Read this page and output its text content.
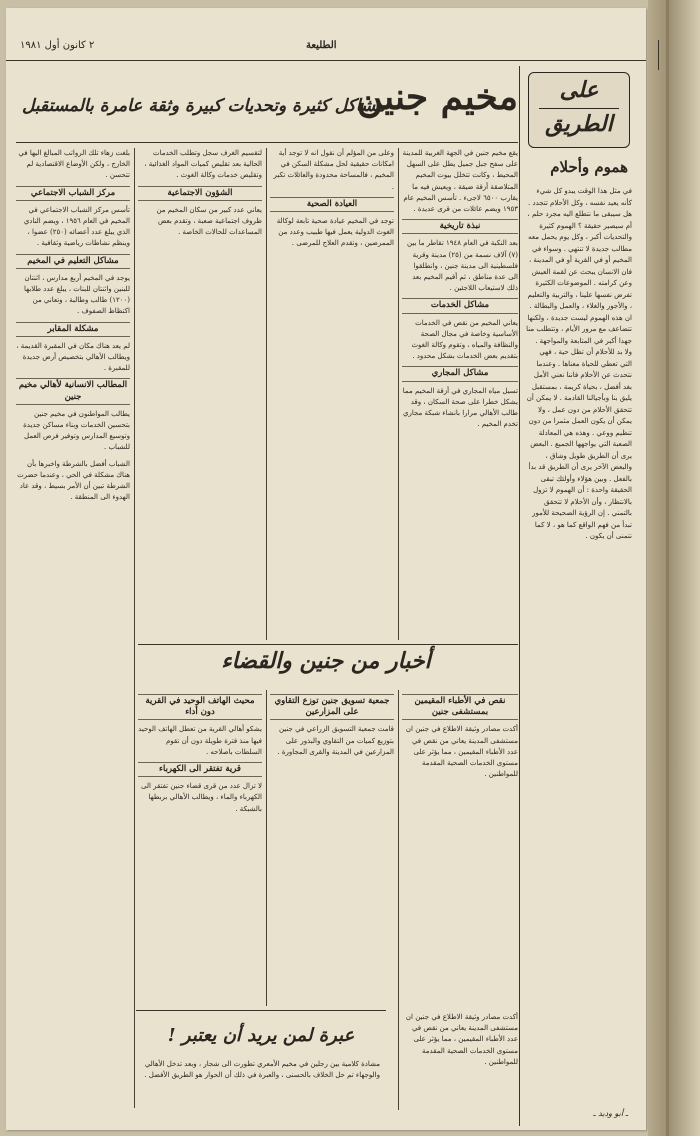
٢ كانون أول ١٩٨١	الطليعة
مخيم جنين
مشاكل كثيرة وتحديات كبيرة وثقة عامرة بالمستقبل
على
الطريق
هموم وأحلام
في مثل هذا الوقت يبدو كل شيء كأنه يعيد نفسه ، وكل الأحلام تتجدد . هل سيبقى ما نتطلع اليه مجرد حلم ، أم سيصير حقيقة ؟ الهموم كثيرة والتحديات أكبر ، وكل يوم يحمل معه مطالب جديدة لا تنتهي . وسواء في المخيم أو في القرية أو في المدينة ، فان الانسان يبحث عن لقمة العيش وعن كرامته . الموضوعات الكثيرة تفرض نفسها علينا ، والتربية والتعليم ، والأجور والغلاء ، والعمل والبطالة . ان هذه الهموم ليست جديدة ، ولكنها تتضاعف مع مرور الأيام ، وتتطلب منا جهدا أكبر في المتابعة والمواجهة . ولا بد للأحلام أن تظل حية ، فهي التي تعطي للحياة معناها . وعندما نتحدث عن الأحلام فاننا نعني الأمل بغد أفضل ، بحياة كريمة ، بمستقبل يليق بنا وبأجيالنا القادمة . لا يمكن أن تتحقق الأحلام من دون عمل ، ولا يمكن أن يكون العمل مثمرا من دون تنظيم ووعي . وهذه هي المعادلة الصعبة التي يواجهها الجميع . البعض يرى أن الطريق طويل وشاق ، والبعض الآخر يرى أن الطريق قد بدأ بالفعل . وبين هؤلاء وأولئك تبقى الحقيقة واحدة : أن الهموم لا تزول بالانتظار ، وأن الأحلام لا تتحقق بالتمني . إن الرؤية الصحيحة للأمور تبدأ من فهم الواقع كما هو ، لا كما نتمنى أن يكون .
ـ أبو وديد ـ

يقع مخيم جنين في الجهة الغربية للمدينة على سفح جبل جميل يطل على السهل المحيط ، وكانت تتخلل بيوت المخيم المتلاصقة أزقة ضيقة ، ويعيش فيه ما يقارب ٦٥٠٠ لاجىء . تأسس المخيم عام ١٩٥٣ ويضم عائلات من قرى عديدة .

نبذة تاريخية

بعد النكبة في العام ١٩٤٨ تقاطر ما بين (٧) آلاف نسمة من (٢٥) مدينة وقرية فلسطينية الى مدينة جنين ، وانطلقوا الى عدة مناطق ، ثم أقيم المخيم بعد ذلك لاستيعاب اللاجئين .

مشاكل الخدمات

يعاني المخيم من نقص في الخدمات الأساسية وخاصة في مجال الصحة والنظافة والمياه ، وتقوم وكالة الغوث بتقديم بعض الخدمات بشكل محدود .

مشاكل المجاري

تسيل مياه المجاري في أزقة المخيم مما يشكل خطرا على صحة السكان ، وقد طالب الأهالي مرارا بانشاء شبكة مجاري تخدم المخيم .

وعلى من المؤلم أن نقول انه لا توجد أية امكانات حقيقية لحل مشكلة السكن في المخيم ، فالمساحة محدودة والعائلات تكبر .

العيادة الصحية

توجد في المخيم عيادة صحية تابعة لوكالة الغوث الدولية يعمل فيها طبيب وعدد من الممرضين ، وتقدم العلاج للمرضى .

لتقسيم الغرف سجل وتطلب الخدمات الحالية بعد تقليص كميات المواد الغذائية ، وتقليص خدمات وكالة الغوث .

الشؤون الاجتماعية

يعاني عدد كبير من سكان المخيم من ظروف اجتماعية صعبة ، وتقدم بعض المساعدات للحالات الخاصة .

بلغت زهاء تلك الرواتب المبالغ اليها في الخارج ، ولكن الأوضاع الاقتصادية لم تتحسن .

مركز الشباب الاجتماعي

تأسس مركز الشباب الاجتماعي في المخيم في العام ١٩٥٦ ، ويضم النادي الذي يبلغ عدد أعضائه (٢٥٠) عضوا ، وينظم نشاطات رياضية وثقافية .

مشاكل التعليم في المخيم

يوجد في المخيم أربع مدارس ، اثنتان للبنين واثنتان للبنات ، يبلغ عدد طلابها (١٢٠٠) طالب وطالبة ، وتعاني من اكتظاظ الصفوف .

مشكلة المقابر

لم يعد هناك مكان في المقبرة القديمة ، ويطالب الأهالي بتخصيص أرض جديدة للمقبرة .

المطالب الانسانية لأهالي مخيم جنين

يطالب المواطنون في مخيم جنين بتحسين الخدمات وبناء مساكن جديدة وتوسيع المدارس وتوفير فرص العمل للشباب .

الشباب أفضل بالشرطة واخبرها بأن هناك مشكلة في الحي ، وعندما حضرت الشرطة تبين أن الأمر بسيط ، وقد عاد الهدوء الى المنطقة .
أخبار من جنين والقضاء
نقص في الأطباء المقيمين بمستشفى جنين

أكدت مصادر وثيقة الاطلاع في جنين ان مستشفى المدينة يعاني من نقص في عدد الأطباء المقيمين ، مما يؤثر على مستوى الخدمات الصحية المقدمة للمواطنين .

جمعية تسويق جنين توزع التقاوي على المزارعين

قامت جمعية التسويق الزراعي في جنين بتوزيع كميات من التقاوي والبذور على المزارعين في المدينة والقرى المجاورة .

محيث الهاتف الوحيد في القرية دون أداء

يشكو أهالي القرية من تعطل الهاتف الوحيد فيها منذ فترة طويلة دون أن تقوم السلطات باصلاحه .

قرية تفتقر الى الكهرباء

لا تزال عدد من قرى قضاء جنين تفتقر الى الكهرباء والماء ، ويطالب الأهالي بربطها بالشبكة .

أكدت مصادر وثيقة الاطلاع في جنين ان مستشفى المدينة يعاني من نقص في عدد الأطباء المقيمين ، مما يؤثر على مستوى الخدمات الصحية المقدمة للمواطنين .

عبرة لمن يريد أن يعتبر !
مشادة كلامية بين رجلين في مخيم الأمعري تطورت الى شجار ، وبعد تدخل الأهالي والوجهاء تم حل الخلاف بالحسنى ، والعبرة في ذلك أن الحوار هو الطريق الأفضل .
